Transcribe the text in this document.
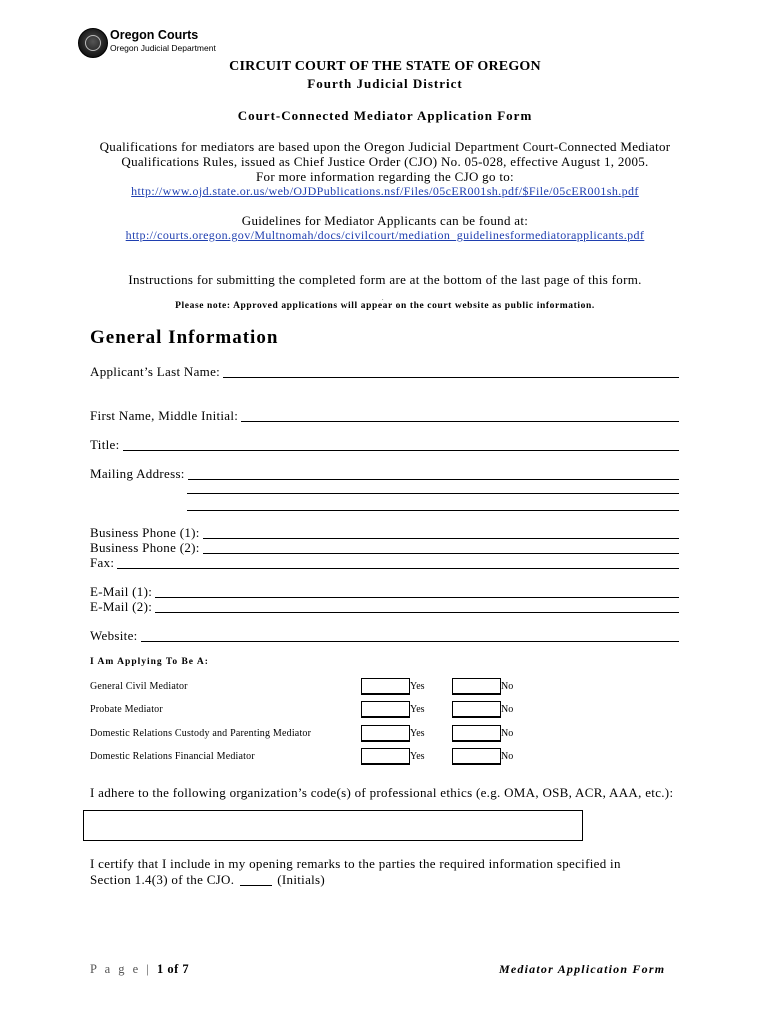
Oregon Courts
Oregon Judicial Department
CIRCUIT COURT OF THE STATE OF OREGON
Fourth Judicial District
Court-Connected Mediator Application Form
Qualifications for mediators are based upon the Oregon Judicial Department Court-Connected Mediator
Qualifications Rules, issued as Chief Justice Order (CJO) No. 05-028, effective August 1, 2005.
For more information regarding the CJO go to:
http://www.ojd.state.or.us/web/OJDPublications.nsf/Files/05cER001sh.pdf/$File/05cER001sh.pdf
Guidelines for Mediator Applicants can be found at:
http://courts.oregon.gov/Multnomah/docs/civilcourt/mediation_guidelinesformediatorapplicants.pdf
Instructions for submitting the completed form are at the bottom of the last page of this form.
.
Please note: Approved applications will appear on the court website as public information.
General Information
Applicant’s Last Name:
First Name, Middle Initial:
Title:
Mailing Address:
Business Phone (1):
Business Phone (2):
Fax:
E-Mail (1):
E-Mail (2):
Website:
I Am Applying To Be A:
General Civil Mediator	Yes	No
Probate Mediator	Yes	No
Domestic Relations Custody and Parenting Mediator	Yes	No
Domestic Relations Financial Mediator	Yes	No
I adhere to the following organization’s code(s) of professional ethics (e.g. OMA, OSB, ACR, AAA, etc.):
I certify that I include in my opening remarks to the parties the required information specified in
Section 1.4(3) of the CJO.	(Initials)
P a g e | 1 of 7	Mediator Application Form
